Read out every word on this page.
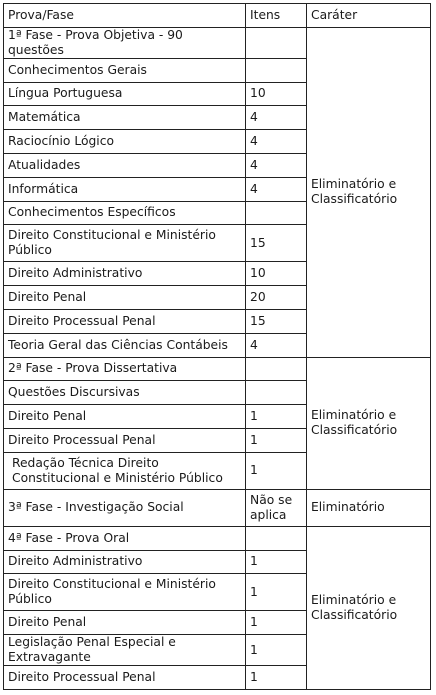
Prova/Fase	Itens	Caráter
1ª Fase - Prova Objetiva - 90 questões		Eliminatório e Classificatório
Conhecimentos Gerais		
Língua Portuguesa	10	
Matemática	4	
Raciocínio Lógico	4	
Atualidades	4	
Informática	4	
Conhecimentos Específicos		
Direito Constitucional e Ministério Público	15	
Direito Administrativo	10	
Direito Penal	20	
Direito Processual Penal	15	
Teoria Geral das Ciências Contábeis	4	
2ª Fase - Prova Dissertativa		Eliminatório e Classificatório
Questões Discursivas		
Direito Penal	1	
Direito Processual Penal	1	
Redação Técnica Direito Constitucional e Ministério Público	1	
3ª Fase - Investigação Social	Não se aplica	Eliminatório
4ª Fase - Prova Oral		Eliminatório e Classificatório
Direito Administrativo	1	
Direito Constitucional e Ministério Público	1	
Direito Penal	1	
Legislação Penal Especial e Extravagante	1	
Direito Processual Penal	1	
